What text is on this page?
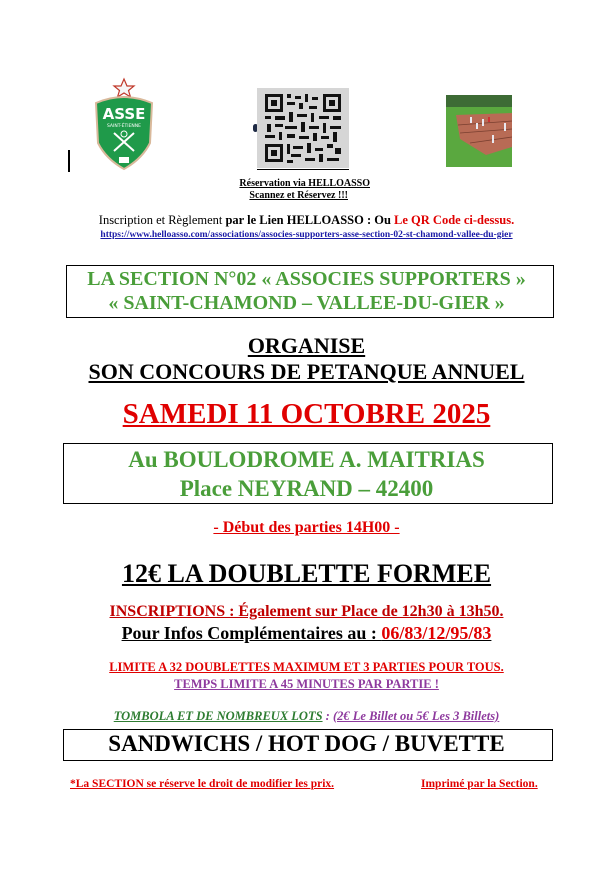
ASSE
SAINT-ÉTIENNE
Réservation via HELLOASSO
Scannez et Réservez !!!
Inscription et Règlement par le Lien HELLOASSO : Ou Le QR Code ci-dessus.
https://www.helloasso.com/associations/associes-supporters-asse-section-02-st-chamond-vallee-du-gier
LA SECTION N°02 « ASSOCIES SUPPORTERS »
« SAINT-CHAMOND – VALLEE-DU-GIER »
ORGANISE
SON CONCOURS DE PETANQUE ANNUEL
SAMEDI 11 OCTOBRE 2025
Au BOULODROME A. MAITRIAS
Place NEYRAND – 42400
- Début des parties 14H00 -
12€ LA DOUBLETTE FORMEE
INSCRIPTIONS : Également sur Place de 12h30 à 13h50.
Pour Infos Complémentaires au : 06/83/12/95/83
LIMITE A 32 DOUBLETTES MAXIMUM ET 3 PARTIES POUR TOUS.
TEMPS LIMITE A 45 MINUTES PAR PARTIE !
TOMBOLA ET DE NOMBREUX LOTS : (2€ Le Billet ou 5€ Les 3 Billets)
SANDWICHS / HOT DOG / BUVETTE
*La SECTION se réserve le droit de modifier les prix.	Imprimé par la Section.
